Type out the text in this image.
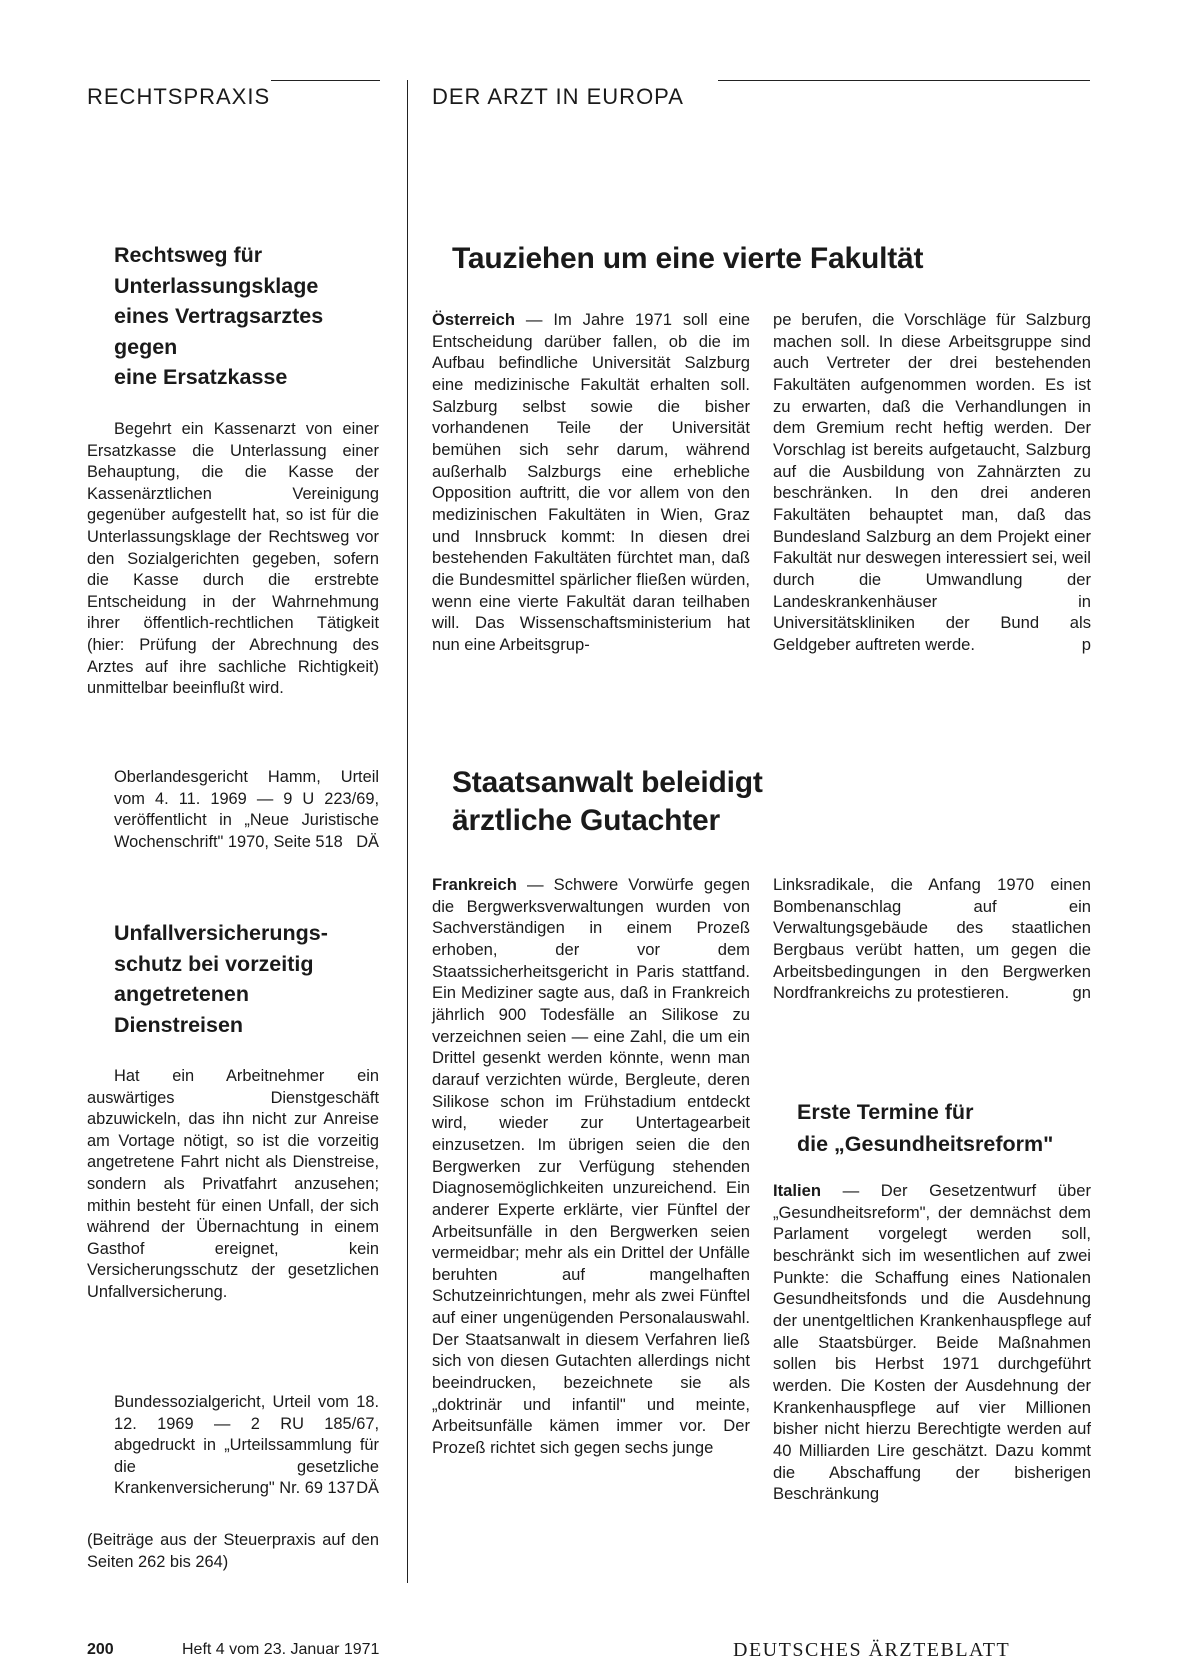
RECHTSPRAXIS	DER ARZT IN EUROPA
Rechtsweg für
Unterlassungsklage
eines Vertragsarztes
gegen
eine Ersatzkasse

Begehrt ein Kassenarzt von einer Ersatzkasse die Unterlassung einer Behauptung, die die Kasse der Kassenärztlichen Vereinigung gegenüber aufgestellt hat, so ist für die Unterlassungsklage der Rechtsweg vor den Sozialgerichten gegeben, sofern die Kasse durch die erstrebte Entscheidung in der Wahrnehmung ihrer öffentlich-rechtlichen Tätigkeit (hier: Prüfung der Abrechnung des Arztes auf ihre sachliche Richtigkeit) unmittelbar beeinflußt wird.

Oberlandesgericht Hamm, Urteil vom 4. 11. 1969 — 9 U 223/69, veröffentlicht in „Neue Juristische Wochenschrift" 1970, Seite 518 DÄ

Unfallversicherungs-
schutz bei vorzeitig
angetretenen
Dienstreisen

Hat ein Arbeitnehmer ein auswärtiges Dienstgeschäft abzuwickeln, das ihn nicht zur Anreise am Vortage nötigt, so ist die vorzeitig angetretene Fahrt nicht als Dienstreise, sondern als Privatfahrt anzusehen; mithin besteht für einen Unfall, der sich während der Übernachtung in einem Gasthof ereignet, kein Versicherungsschutz der gesetzlichen Unfallversicherung.

Bundessozialgericht, Urteil vom 18. 12. 1969 — 2 RU 185/67, abgedruckt in „Urteilssammlung für die gesetzliche Krankenversicherung" Nr. 69 137 DÄ

(Beiträge aus der Steuerpraxis auf den Seiten 262 bis 264)

Tauziehen um eine vierte Fakultät

Österreich — Im Jahre 1971 soll eine Entscheidung darüber fallen, ob die im Aufbau befindliche Universität Salzburg eine medizinische Fakultät erhalten soll. Salzburg selbst sowie die bisher vorhandenen Teile der Universität bemühen sich sehr darum, während außerhalb Salzburgs eine erhebliche Opposition auftritt, die vor allem von den medizinischen Fakultäten in Wien, Graz und Innsbruck kommt: In diesen drei bestehenden Fakultäten fürchtet man, daß die Bundesmittel spärlicher fließen würden, wenn eine vierte Fakultät daran teilhaben will. Das Wissenschaftsministerium hat nun eine Arbeitsgrup-

pe berufen, die Vorschläge für Salzburg machen soll. In diese Arbeitsgruppe sind auch Vertreter der drei bestehenden Fakultäten aufgenommen worden. Es ist zu erwarten, daß die Verhandlungen in dem Gremium recht heftig werden. Der Vorschlag ist bereits aufgetaucht, Salzburg auf die Ausbildung von Zahnärzten zu beschränken. In den drei anderen Fakultäten behauptet man, daß das Bundesland Salzburg an dem Projekt einer Fakultät nur deswegen interessiert sei, weil durch die Umwandlung der Landeskrankenhäuser in Universitätskliniken der Bund als Geldgeber auftreten werde.	p

Staatsanwalt beleidigt
ärztliche Gutachter

Frankreich — Schwere Vorwürfe gegen die Bergwerksverwaltungen wurden von Sachverständigen in einem Prozeß erhoben, der vor dem Staatssicherheitsgericht in Paris stattfand. Ein Mediziner sagte aus, daß in Frankreich jährlich 900 Todesfälle an Silikose zu verzeichnen seien — eine Zahl, die um ein Drittel gesenkt werden könnte, wenn man darauf verzichten würde, Bergleute, deren Silikose schon im Frühstadium entdeckt wird, wieder zur Untertagearbeit einzusetzen. Im übrigen seien die den Bergwerken zur Verfügung stehenden Diagnosemöglichkeiten unzureichend. Ein anderer Experte erklärte, vier Fünftel der Arbeitsunfälle in den Bergwerken seien vermeidbar; mehr als ein Drittel der Unfälle beruhten auf mangelhaften Schutzeinrichtungen, mehr als zwei Fünftel auf einer ungenügenden Personalauswahl. Der Staatsanwalt in diesem Verfahren ließ sich von diesen Gutachten allerdings nicht beeindrucken, bezeichnete sie als „doktrinär und infantil" und meinte, Arbeitsunfälle kämen immer vor. Der Prozeß richtet sich gegen sechs junge

Linksradikale, die Anfang 1970 einen Bombenanschlag auf ein Verwaltungsgebäude des staatlichen Bergbaus verübt hatten, um gegen die Arbeitsbedingungen in den Bergwerken Nordfrankreichs zu protestieren.	gn

Erste Termine für
die „Gesundheitsreform"

Italien — Der Gesetzentwurf über „Gesundheitsreform", der demnächst dem Parlament vorgelegt werden soll, beschränkt sich im wesentlichen auf zwei Punkte: die Schaffung eines Nationalen Gesundheitsfonds und die Ausdehnung der unentgeltlichen Krankenhauspflege auf alle Staatsbürger. Beide Maßnahmen sollen bis Herbst 1971 durchgeführt werden. Die Kosten der Ausdehnung der Krankenhauspflege auf vier Millionen bisher nicht hierzu Berechtigte werden auf 40 Milliarden Lire geschätzt. Dazu kommt die Abschaffung der bisherigen Beschränkung

200	Heft 4 vom 23. Januar 1971	DEUTSCHES ÄRZTEBLATT
